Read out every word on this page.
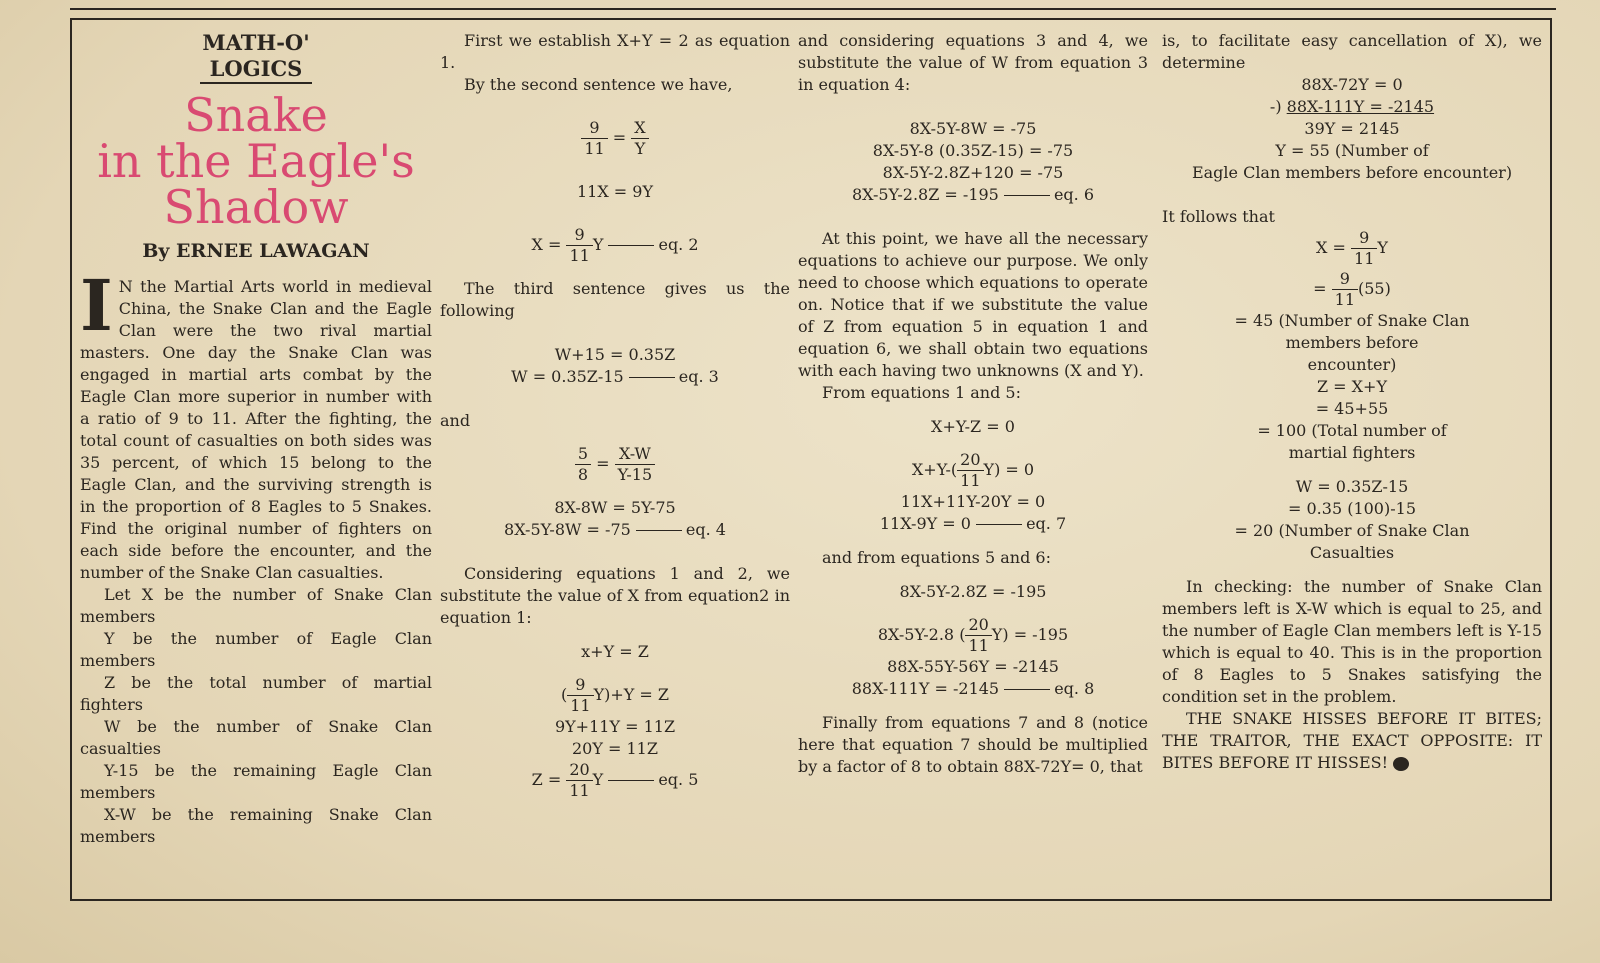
MATH-O'
LOGICS
Snake
in the Eagle's
Shadow
By ERNEE LAWAGAN

I N the Martial Arts world in medieval China, the Snake Clan and the Eagle Clan were the two rival martial masters. One day the Snake Clan was engaged in martial arts combat by the Eagle Clan more superior in number with a ratio of 9 to 11. After the fighting, the total count of casualties on both sides was 35 percent, of which 15 belong to the Eagle Clan, and the surviving strength is in the proportion of 8 Eagles to 5 Snakes. Find the original number of fighters on each side before the encounter, and the number of the Snake Clan casualties.

Let X be the number of Snake Clan members

Y be the number of Eagle Clan members

Z be the total number of martial fighters

W be the number of Snake Clan casualties

Y-15 be the remaining Eagle Clan members

X-W be the remaining Snake Clan members

First we establish X+Y = 2 as equation 1.

By the second sentence we have,

$\frac{9}{11} = \frac{X}{Y}$
11X = 9Y
$X = \frac{9}{11}$ Y	eq. 2

The third sentence gives us the following

W+15 = 0.35Z
W = 0.35Z-15	eq. 3

and

$\frac{5}{8} = \frac{X-W}{Y-15}$
8X-8W = 5Y-75
8X-5Y-8W = -75	eq. 4

Considering equations 1 and 2, we substitute the value of X from equation2 in equation 1:

x+Y = Z
( $\frac{9}{11} Y)+Y = Z$
9Y+11Y = 11Z
20Y = 11Z
$Z = \frac{20}{11}$ Y	eq. 5

and considering equations 3 and 4, we substitute the value of W from equation 3 in equation 4:

8X-5Y-8W = -75
8X-5Y-8 (0.35Z-15) = -75
8X-5Y-2.8Z+120 = -75
8X-5Y-2.8Z = -195	eq. 6

At this point, we have all the necessary equations to achieve our purpose. We only need to choose which equations to operate on. Notice that if we substitute the value of Z from equation 5 in equation 1 and equation 6, we shall obtain two equations with each having two unknowns (X and Y).

From equations 1 and 5:

X+Y-Z = 0
$X+Y-( \frac{20}{11} Y) = 0$
11X+11Y-20Y = 0
11X-9Y = 0	eq. 7

and from equations 5 and 6:

8X-5Y-2.8Z = -195
8X-5Y-2.8 ( $\frac{20}{11} Y) = -195$
88X-55Y-56Y = -2145
88X-111Y = -2145	eq. 8

Finally from equations 7 and 8 (notice here that equation 7 should be multiplied by a factor of 8 to obtain 88X-72Y= 0, that

is, to facilitate easy cancellation of X), we determine

88X-72Y = 0
-) 88X-111Y = -2145
39Y = 2145
Y = 55 (Number of
Eagle Clan members before encounter)

It follows that

$X = \frac{9}{11}$ Y
= $\frac{9}{11} (55)$
= 45 (Number of Snake Clan
members before
encounter)
Z = X+Y
= 45+55
= 100 (Total number of
martial fighters
W = 0.35Z-15
= 0.35 (100)-15
= 20 (Number of Snake Clan
Casualties

In checking: the number of Snake Clan members left is X-W which is equal to 25, and the number of Eagle Clan members left is Y-15 which is equal to 40. This is in the proportion of 8 Eagles to 5 Snakes satisfying the condition set in the problem.

THE SNAKE HISSES BEFORE IT BITES; THE TRAITOR, THE EXACT OPPOSITE: IT BITES BEFORE IT HISSES!
